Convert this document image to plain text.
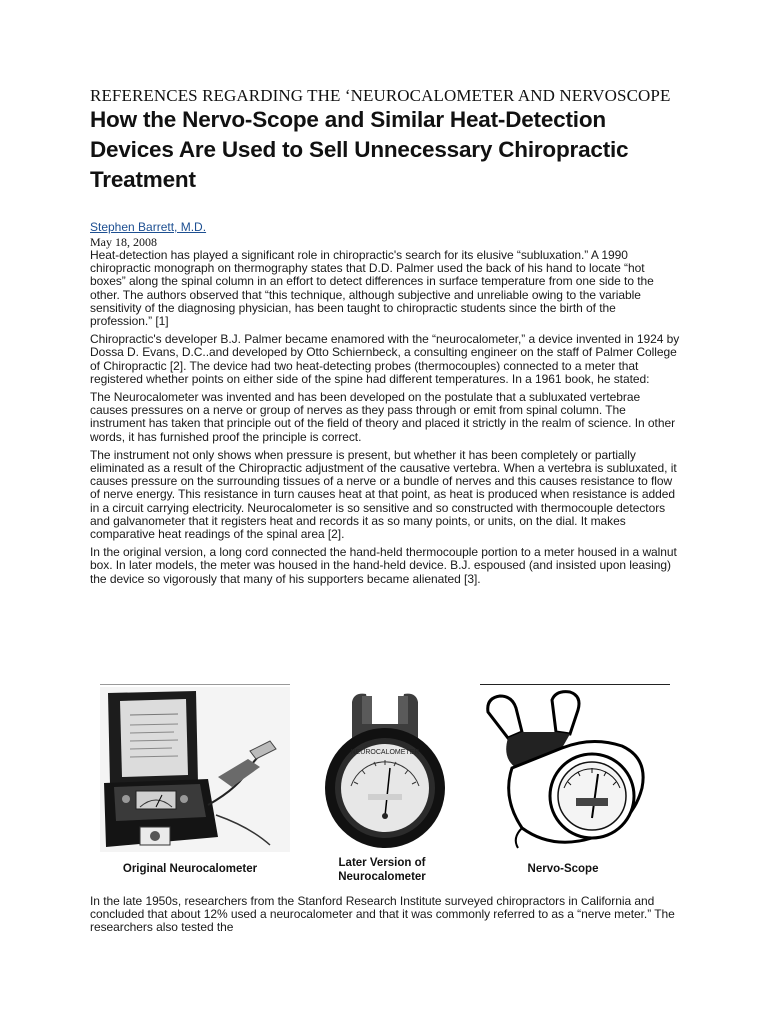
REFERENCES REGARDING THE ‘NEUROCALOMETER AND NERVOSCOPE
How the Nervo-Scope and Similar Heat-Detection Devices Are Used to Sell Unnecessary Chiropractic Treatment
Stephen Barrett, M.D.
May 18, 2008

Heat-detection has played a significant role in chiropractic's search for its elusive “subluxation.” A 1990 chiropractic monograph on thermography states that D.D. Palmer used the back of his hand to locate “hot boxes” along the spinal column in an effort to detect differences in surface temperature from one side to the other. The authors observed that “this technique, although subjective and unreliable owing to the variable sensitivity of the diagnosing physician, has been taught to chiropractic students since the birth of the profession.” [1]

Chiropractic's developer B.J. Palmer became enamored with the “neurocalometer,” a device invented in 1924 by Dossa D. Evans, D.C..and developed by Otto Schiernbeck, a consulting engineer on the staff of Palmer College of Chiropractic [2]. The device had two heat-detecting probes (thermocouples) connected to a meter that registered whether points on either side of the spine had different temperatures. In a 1961 book, he stated:

The Neurocalometer was invented and has been developed on the postulate that a subluxated vertebrae causes pressures on a nerve or group of nerves as they pass through or emit from spinal column. The instrument has taken that principle out of the field of theory and placed it strictly in the realm of science. In other words, it has furnished proof the principle is correct.

The instrument not only shows when pressure is present, but whether it has been completely or partially eliminated as a result of the Chiropractic adjustment of the causative vertebra. When a vertebra is subluxated, it causes pressure on the surrounding tissues of a nerve or a bundle of nerves and this causes resistance to flow of nerve energy. This resistance in turn causes heat at that point, as heat is produced when resistance is added in a circuit carrying electricity. Neurocalometer is so sensitive and so constructed with thermocouple detectors and galvanometer that it registers heat and records it as so many points, or units, on the dial. It makes comparative heat readings of the spinal area [2].

In the original version, a long cord connected the hand-held thermocouple portion to a meter housed in a walnut box. In later models, the meter was housed in the hand-held device. B.J. espoused (and insisted upon leasing) the device so vigorously that many of his supporters became alienated [3].

NEUROCALOMETER
Original Neurocalometer	Later Version of Neurocalometer
Nervo-Scope

In the late 1950s, researchers from the Stanford Research Institute surveyed chiropractors in California and concluded that about 12% used a neurocalometer and that it was commonly referred to as a “nerve meter.” The researchers also tested the
